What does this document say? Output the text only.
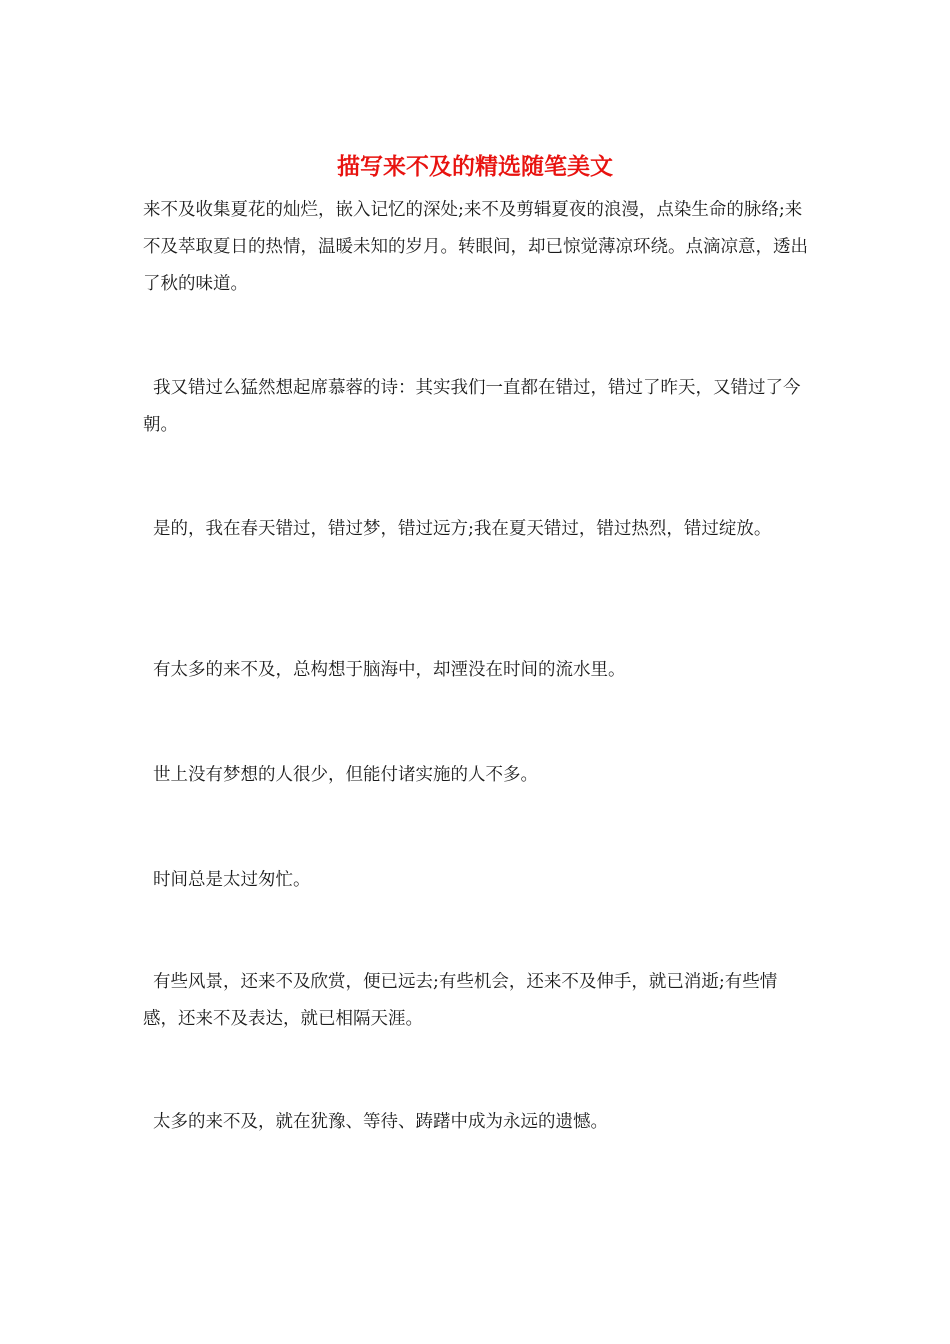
描写来不及的精选随笔美文

来不及收集夏花的灿烂，嵌入记忆的深处;来不及剪辑夏夜的浪漫，点染生命的脉络;来不及萃取夏日的热情，温暖未知的岁月。转眼间，却已惊觉薄凉环绕。点滴凉意，透出了秋的味道。

我又错过么猛然想起席慕蓉的诗：其实我们一直都在错过，错过了昨天，又错过了今朝。

是的，我在春天错过，错过梦，错过远方;我在夏天错过，错过热烈，错过绽放。

有太多的来不及，总构想于脑海中，却湮没在时间的流水里。

世上没有梦想的人很少，但能付诸实施的人不多。

时间总是太过匆忙。

有些风景，还来不及欣赏，便已远去;有些机会，还来不及伸手，就已消逝;有些情感，还来不及表达，就已相隔天涯。

太多的来不及，就在犹豫、等待、踌躇中成为永远的遗憾。
